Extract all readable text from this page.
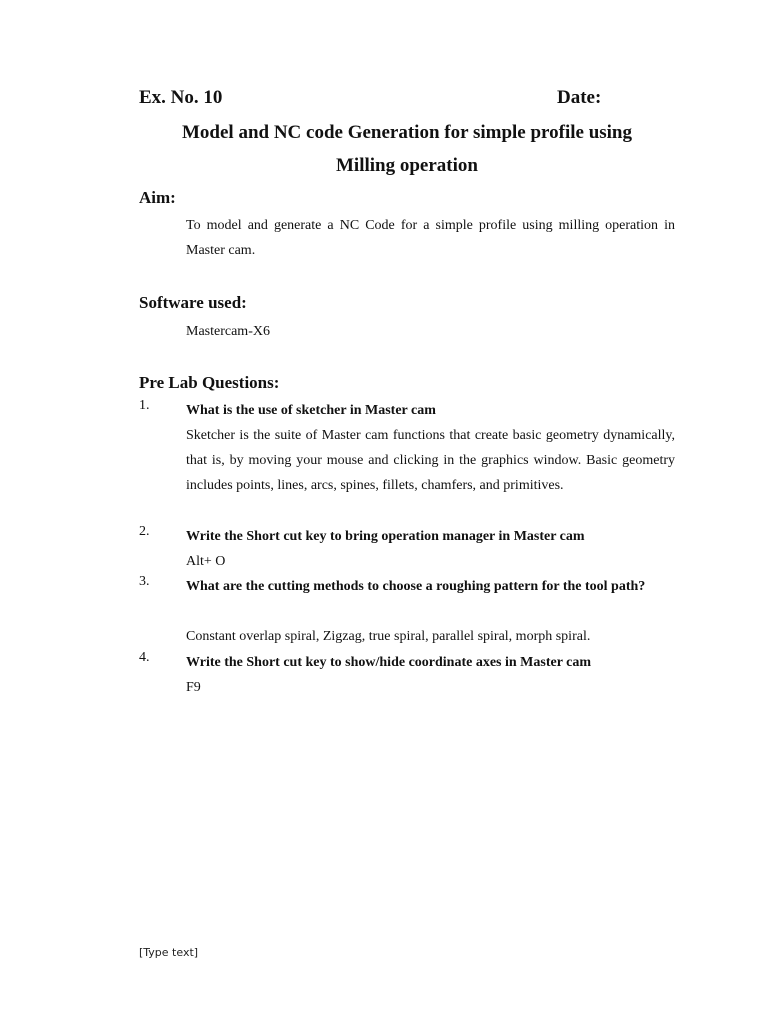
Ex. No. 10	Date:
Model and NC code Generation for simple profile using
Milling operation
Aim:
To model and generate a NC Code for a simple profile using milling operation in Master cam.
Software used:
Mastercam-X6
Pre Lab Questions:
1.	What is the use of sketcher in Master cam
Sketcher is the suite of Master cam functions that create basic geometry dynamically, that is, by moving your mouse and clicking in the graphics window. Basic geometry includes points, lines, arcs, spines, fillets, chamfers, and primitives.
2.	Write the Short cut key to bring operation manager in Master cam
Alt+ O
3.	What are the cutting methods to choose a roughing pattern for the tool path?
Constant overlap spiral, Zigzag, true spiral, parallel spiral, morph spiral.
4.	Write the Short cut key to show/hide coordinate axes in Master cam
F9
[Type text]
